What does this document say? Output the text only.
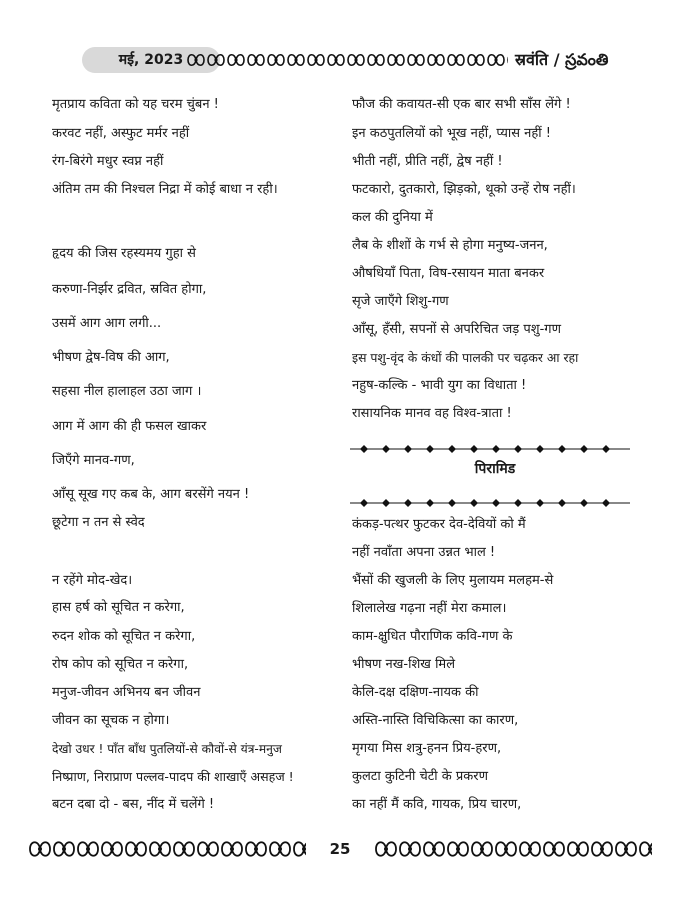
मई, 2023	स्रवंति / స్రవంతి
मृतप्राय कविता को यह चरम चुंबन !
करवट नहीं, अस्फुट मर्मर नहीं
रंग-बिरंगे मधुर स्वप्न नहीं
अंतिम तम की निश्चल निद्रा में कोई बाधा न रही।
हृदय की जिस रहस्यमय गुहा से
करुणा-निर्झर द्रवित, स्रवित होगा,
उसमें आग आग लगी...
भीषण द्वेष-विष की आग,
सहसा नील हालाहल उठा जाग ।
आग में आग की ही फसल खाकर
जिएँगे मानव-गण,
आँसू सूख गए कब के, आग बरसेंगे नयन !
छूटेगा न तन से स्वेद
न रहेंगे मोद-खेद।
हास हर्ष को सूचित न करेगा,
रुदन शोक को सूचित न करेगा,
रोष कोप को सूचित न करेगा,
मनुज-जीवन अभिनय बन जीवन
जीवन का सूचक न होगा।
देखो उधर ! पाँत बाँध पुतलियों-से कौवों-से यंत्र-मनुज
निष्प्राण, निराप्राण पल्लव-पादप की शाखाएँ असहज !
बटन दबा दो - बस, नींद में चलेंगे !
फौज की कवायत-सी एक बार सभी साँस लेंगे !
इन कठपुतलियों को भूख नहीं, प्यास नहीं !
भीती नहीं, प्रीति नहीं, द्वेष नहीं !
फटकारो, दुतकारो, झिड़को, थूको उन्हें रोष नहीं।
कल की दुनिया में
लैब के शीशों के गर्भ से होगा मनुष्य-जनन,
औषधियाँ पिता, विष-रसायन माता बनकर
सृजे जाएँगे शिशु-गण
आँसू, हँसी, सपनों से अपरिचित जड़ पशु-गण
इस पशु-वृंद के कंधों की पालकी पर चढ़कर आ रहा
नहुष-कल्कि - भावी युग का विधाता !
रासायनिक मानव वह विश्व-त्राता !
पिरामिड
कंकड़-पत्थर फुटकर देव-देवियों को मैं
नहीं नवाँता अपना उन्नत भाल !
भैंसों की खुजली के लिए मुलायम मलहम-से
शिलालेख गढ़ना नहीं मेरा कमाल।
काम-क्षुधित पौराणिक कवि-गण के
भीषण नख-शिख मिले
केलि-दक्ष दक्षिण-नायक की
अस्ति-नास्ति विचिकित्सा का कारण,
मृगया मिस शत्रु-हनन प्रिय-हरण,
कुलटा कुटिनी चेटी के प्रकरण
का नहीं मैं कवि, गायक, प्रिय चारण,
25
